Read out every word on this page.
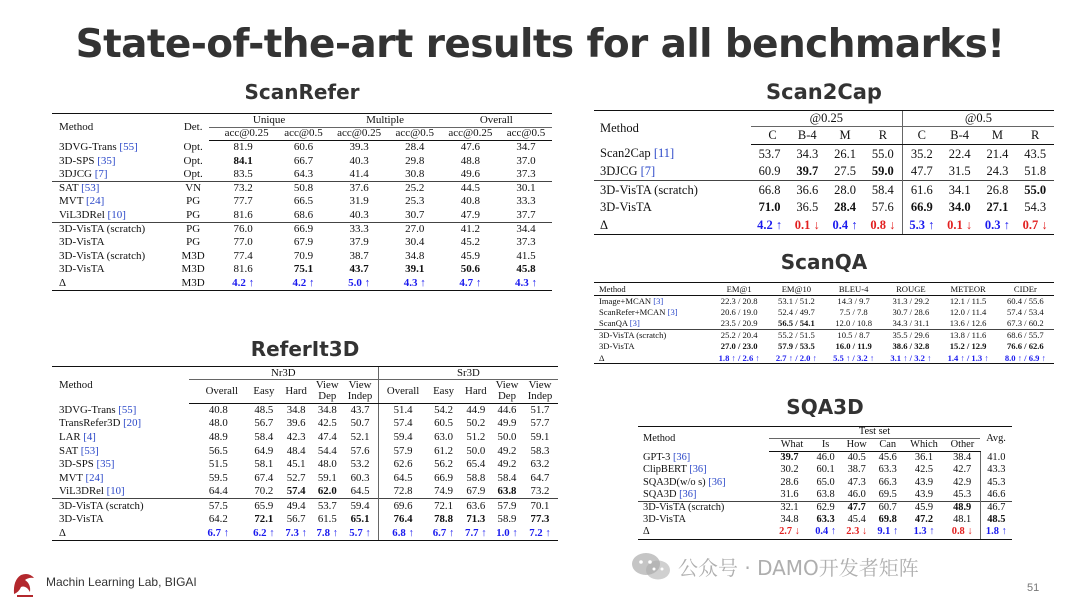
State-of-the-art results for all benchmarks!
ScanRefer
Method	Det.	Unique		Multiple		Overall	
		acc@0.25	acc@0.5	acc@0.25	acc@0.5	acc@0.25	acc@0.5
3DVG-Trans [55]	Opt.	81.9	60.6	39.3	28.4	47.6	34.7
3D-SPS [35]	Opt.	84.1	66.7	40.3	29.8	48.8	37.0
3DJCG [7]	Opt.	83.5	64.3	41.4	30.8	49.6	37.3
SAT [53]	VN	73.2	50.8	37.6	25.2	44.5	30.1
MVT [24]	PG	77.7	66.5	31.9	25.3	40.8	33.3
ViL3DRel [10]	PG	81.6	68.6	40.3	30.7	47.9	37.7
3D-VisTA (scratch)	PG	76.0	66.9	33.3	27.0	41.2	34.4
3D-VisTA	PG	77.0	67.9	37.9	30.4	45.2	37.3
3D-VisTA (scratch)	M3D	77.4	70.9	38.7	34.8	45.9	41.5
3D-VisTA	M3D	81.6	75.1	43.7	39.1	50.6	45.8
Δ	M3D	4.2 ↑	4.2 ↑	5.0 ↑	4.3 ↑	4.7 ↑	4.3 ↑
ReferIt3D
Method	Nr3D					Sr3D				
	Overall	Easy	Hard	View Dep	View Indep	Overall	Easy	Hard	View Dep	View Indep
3DVG-Trans [55]	40.8	48.5	34.8	34.8	43.7	51.4	54.2	44.9	44.6	51.7
TransRefer3D [20]	48.0	56.7	39.6	42.5	50.7	57.4	60.5	50.2	49.9	57.7
LAR [4]	48.9	58.4	42.3	47.4	52.1	59.4	63.0	51.2	50.0	59.1
SAT [53]	56.5	64.9	48.4	54.4	57.6	57.9	61.2	50.0	49.2	58.3
3D-SPS [35]	51.5	58.1	45.1	48.0	53.2	62.6	56.2	65.4	49.2	63.2
MVT [24]	59.5	67.4	52.7	59.1	60.3	64.5	66.9	58.8	58.4	64.7
ViL3DRel [10]	64.4	70.2	57.4	62.0	64.5	72.8	74.9	67.9	63.8	73.2
3D-VisTA (scratch)	57.5	65.9	49.4	53.7	59.4	69.6	72.1	63.6	57.9	70.1
3D-VisTA	64.2	72.1	56.7	61.5	65.1	76.4	78.8	71.3	58.9	77.3
Δ	6.7 ↑	6.2 ↑	7.3 ↑	7.8 ↑	5.7 ↑	6.8 ↑	6.7 ↑	7.7 ↑	1.0 ↑	7.2 ↑
Scan2Cap
Method	@0.25				@0.5			
	C	B-4	M	R	C	B-4	M	R
Scan2Cap [11]	53.7	34.3	26.1	55.0	35.2	22.4	21.4	43.5
3DJCG [7]	60.9	39.7	27.5	59.0	47.7	31.5	24.3	51.8
3D-VisTA (scratch)	66.8	36.6	28.0	58.4	61.6	34.1	26.8	55.0
3D-VisTA	71.0	36.5	28.4	57.6	66.9	34.0	27.1	54.3
Δ	4.2 ↑	0.1 ↓	0.4 ↑	0.8 ↓	5.3 ↑	0.1 ↓	0.3 ↑	0.7 ↓
ScanQA
Method	EM@1	EM@10	BLEU-4	ROUGE	METEOR	CIDEr
Image+MCAN [3]	22.3 / 20.8	53.1 / 51.2	14.3 / 9.7	31.3 / 29.2	12.1 / 11.5	60.4 / 55.6
ScanRefer+MCAN [3]	20.6 / 19.0	52.4 / 49.7	7.5 / 7.8	30.7 / 28.6	12.0 / 11.4	57.4 / 53.4
ScanQA [3]	23.5 / 20.9	56.5 / 54.1	12.0 / 10.8	34.3 / 31.1	13.6 / 12.6	67.3 / 60.2
3D-VisTA (scratch)	25.2 / 20.4	55.2 / 51.5	10.5 / 8.7	35.5 / 29.6	13.8 / 11.6	68.6 / 55.7
3D-VisTA	27.0 / 23.0	57.9 / 53.5	16.0 / 11.9	38.6 / 32.8	15.2 / 12.9	76.6 / 62.6
Δ	1.8 ↑ / 2.6 ↑	2.7 ↑ / 2.0 ↑	5.5 ↑ / 3.2 ↑	3.1 ↑ / 3.2 ↑	1.4 ↑ / 1.3 ↑	8.0 ↑ / 6.9 ↑
SQA3D
Method	Test set						Avg.
	What	Is	How	Can	Which	Other	
GPT-3 [36]	39.7	46.0	40.5	45.6	36.1	38.4	41.0
ClipBERT [36]	30.2	60.1	38.7	63.3	42.5	42.7	43.3
SQA3D(w/o s) [36]	28.6	65.0	47.3	66.3	43.9	42.9	45.3
SQA3D [36]	31.6	63.8	46.0	69.5	43.9	45.3	46.6
3D-VisTA (scratch)	32.1	62.9	47.7	60.7	45.9	48.9	46.7
3D-VisTA	34.8	63.3	45.4	69.8	47.2	48.1	48.5
Δ	2.7 ↓	0.4 ↑	2.3 ↓	9.1 ↑	1.3 ↑	0.8 ↓	1.8 ↑
Machin Learning Lab, BIGAI	51
公众号 · DAMO开发者矩阵
